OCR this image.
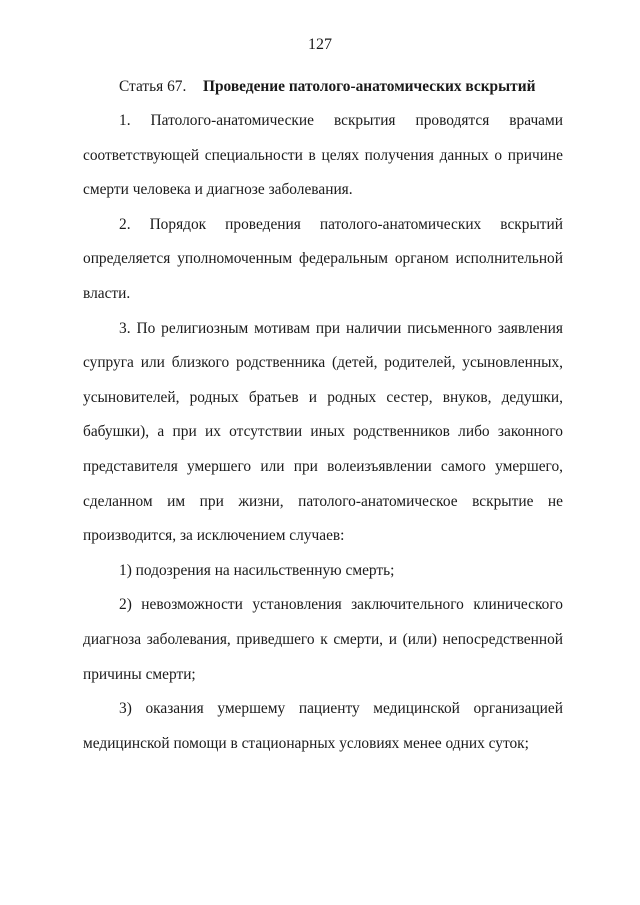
127
Статья 67. Проведение патолого-анатомических вскрытий

1. Патолого-анатомические вскрытия проводятся врачами соответствующей специальности в целях получения данных о причине смерти человека и диагнозе заболевания.

2. Порядок проведения патолого-анатомических вскрытий определяется уполномоченным федеральным органом исполнительной власти.

3. По религиозным мотивам при наличии письменного заявления супруга или близкого родственника (детей, родителей, усыновленных, усыновителей, родных братьев и родных сестер, внуков, дедушки, бабушки), а при их отсутствии иных родственников либо законного представителя умершего или при волеизъявлении самого умершего, сделанном им при жизни, патолого-анатомическое вскрытие не производится, за исключением случаев:

1) подозрения на насильственную смерть;

2) невозможности установления заключительного клинического диагноза заболевания, приведшего к смерти, и (или) непосредственной причины смерти;

3) оказания умершему пациенту медицинской организацией медицинской помощи в стационарных условиях менее одних суток;
